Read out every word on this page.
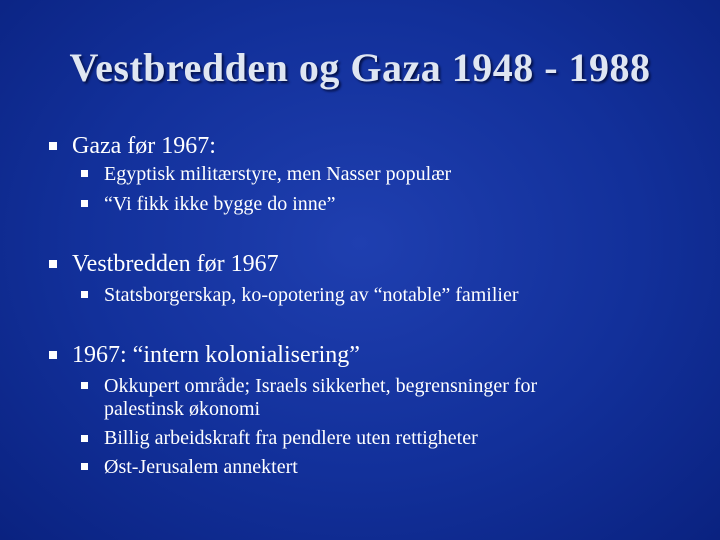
Vestbredden og Gaza 1948 - 1988
Gaza før 1967:
Egyptisk militærstyre, men Nasser populær
“Vi fikk ikke bygge do inne”
Vestbredden før 1967
Statsborgerskap, ko-opotering av “notable” familier
1967: “intern kolonialisering”
Okkupert område; Israels sikkerhet, begrensninger for
palestinsk økonomi
Billig arbeidskraft fra pendlere uten rettigheter
Øst-Jerusalem annektert
